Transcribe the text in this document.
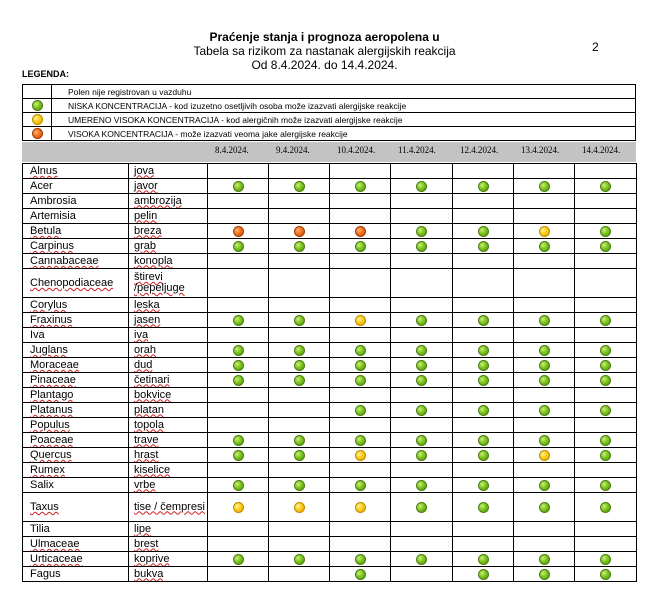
Praćenje stanja i prognoza aeropolena u
Tabela sa rizikom za nastanak alergijskih reakcija
Od 8.4.2024. do 14.4.2024.
2
LEGENDA:
	Polen nije registrovan u vazduhu
	NISKA KONCENTRACIJA - kod izuzetno osetljivih osoba može izazvati alergijske reakcije
	UMERENO VISOKA KONCENTRACIJA - kod alergičnih može izazvati alergijske reakcije
	VISOKA KONCENTRACIJA - može izazvati veoma jake alergijske reakcije
8.4.2024.	9.4.2024.	10.4.2024.	11.4.2024.	12.4.2024.	13.4.2024.	14.4.2024.
Alnus	jova							
Acer	javor							
Ambrosia	ambrozija							
Artemisia	pelin							
Betula	breza							
Carpinus	grab							
Cannabaceae	konopla							
Chenopodiaceae	štirevi /pepeljuge							
Corylus	leska							
Fraxinus	jasen							
Iva	iva							
Juglans	orah							
Moraceae	dud							
Pinaceae	četinari							
Plantago	bokvice							
Platanus	platan							
Populus	topola							
Poaceae	trave							
Quercus	hrast							
Rumex	kiselice							
Salix	vrbe							
Taxus	tise / čempresi							
Tilia	lipe							
Ulmaceae	brest							
Urticaceae	koprive							
Fagus	bukva							
